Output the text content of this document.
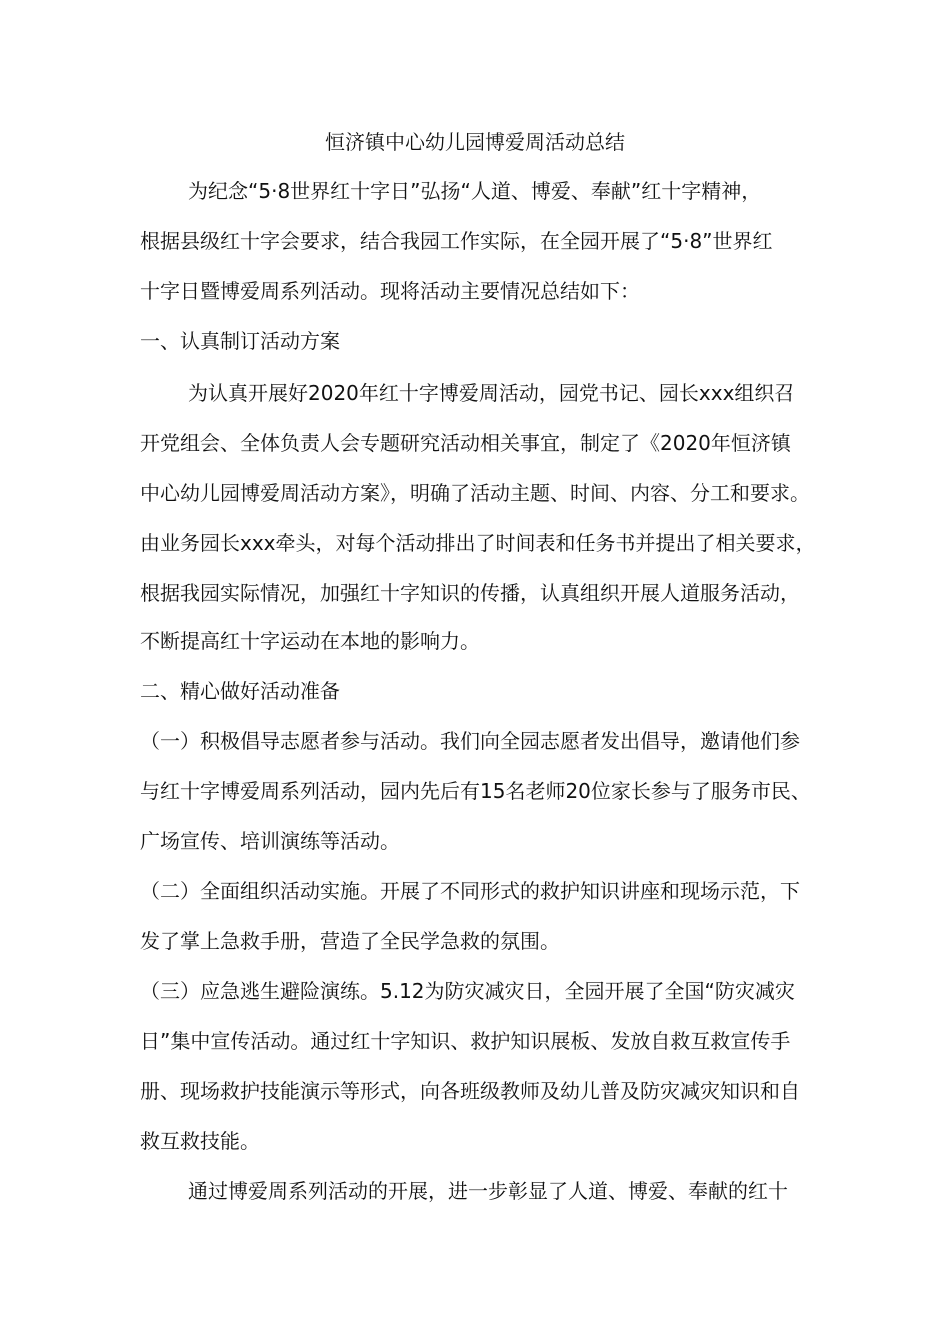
恒济镇中心幼儿园博爱周活动总结
为纪念“5·8世界红十字日”弘扬“人道、博爱、奉献”红十字精神，
根据县级红十字会要求，结合我园工作实际，在全园开展了“5·8”世界红
十字日暨博爱周系列活动。现将活动主要情况总结如下：
一、认真制订活动方案
为认真开展好2020年红十字博爱周活动，园党书记、园长xxx组织召
开党组会、全体负责人会专题研究活动相关事宜，制定了《2020年恒济镇
中心幼儿园博爱周活动方案》，明确了活动主题、时间、内容、分工和要求。
由业务园长xxx牵头，对每个活动排出了时间表和任务书并提出了相关要求，
根据我园实际情况，加强红十字知识的传播，认真组织开展人道服务活动，
不断提高红十字运动在本地的影响力。
二、精心做好活动准备
（一）积极倡导志愿者参与活动。我们向全园志愿者发出倡导，邀请他们参
与红十字博爱周系列活动，园内先后有15名老师20位家长参与了服务市民、
广场宣传、培训演练等活动。
（二）全面组织活动实施。开展了不同形式的救护知识讲座和现场示范，下
发了掌上急救手册，营造了全民学急救的氛围。
（三）应急逃生避险演练。5.12为防灾减灾日，全园开展了全国“防灾减灾
日”集中宣传活动。通过红十字知识、救护知识展板、发放自救互救宣传手
册、现场救护技能演示等形式，向各班级教师及幼儿普及防灾减灾知识和自
救互救技能。
通过博爱周系列活动的开展，进一步彰显了人道、博爱、奉献的红十
